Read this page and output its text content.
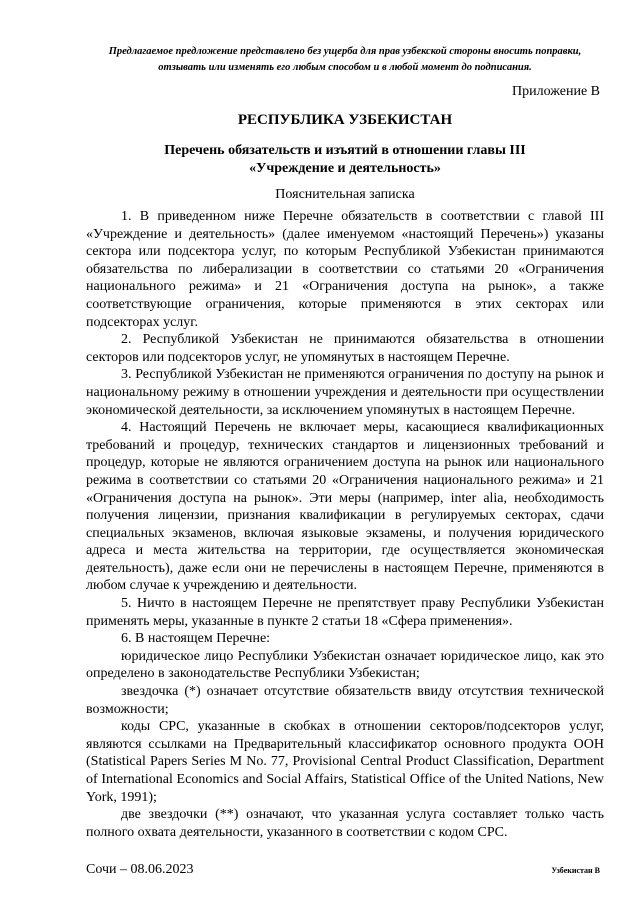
Предлагаемое предложение представлено без ущерба для прав узбекской стороны вносить поправки, отзывать или изменять его любым способом и в любой момент до подписания.
Приложение В
РЕСПУБЛИКА УЗБЕКИСТАН
Перечень обязательств и изъятий в отношении главы III
«Учреждение и деятельность»
Пояснительная записка

1. В приведенном ниже Перечне обязательств в соответствии с главой III «Учреждение и деятельность» (далее именуемом «настоящий Перечень») указаны сектора или подсектора услуг, по которым Республикой Узбекистан принимаются обязательства по либерализации в соответствии со статьями 20 «Ограничения национального режима» и 21 «Ограничения доступа на рынок», а также соответствующие ограничения, которые применяются в этих секторах или подсекторах услуг.

2. Республикой Узбекистан не принимаются обязательства в отношении секторов или подсекторов услуг, не упомянутых в настоящем Перечне.

3. Республикой Узбекистан не применяются ограничения по доступу на рынок и национальному режиму в отношении учреждения и деятельности при осуществлении экономической деятельности, за исключением упомянутых в настоящем Перечне.

4. Настоящий Перечень не включает меры, касающиеся квалификационных требований и процедур, технических стандартов и лицензионных требований и процедур, которые не являются ограничением доступа на рынок или национального режима в соответствии со статьями 20 «Ограничения национального режима» и 21 «Ограничения доступа на рынок». Эти меры (например, inter alia, необходимость получения лицензии, признания квалификации в регулируемых секторах, сдачи специальных экзаменов, включая языковые экзамены, и получения юридического адреса и места жительства на территории, где осуществляется экономическая деятельность), даже если они не перечислены в настоящем Перечне, применяются в любом случае к учреждению и деятельности.

5. Ничто в настоящем Перечне не препятствует праву Республики Узбекистан применять меры, указанные в пункте 2 статьи 18 «Сфера применения».

6. В настоящем Перечне:

юридическое лицо Республики Узбекистан означает юридическое лицо, как это определено в законодательстве Республики Узбекистан;

звездочка (*) означает отсутствие обязательств ввиду отсутствия технической возможности;

коды CPC, указанные в скобках в отношении секторов/подсекторов услуг, являются ссылками на Предварительный классификатор основного продукта ООН (Statistical Papers Series M No. 77, Provisional Central Product Classification, Department of International Economics and Social Affairs, Statistical Office of the United Nations, New York, 1991);

две звездочки (**) означают, что указанная услуга составляет только часть полного охвата деятельности, указанного в соответствии с кодом CPC.

Сочи – 08.06.2023	Узбекистан В
